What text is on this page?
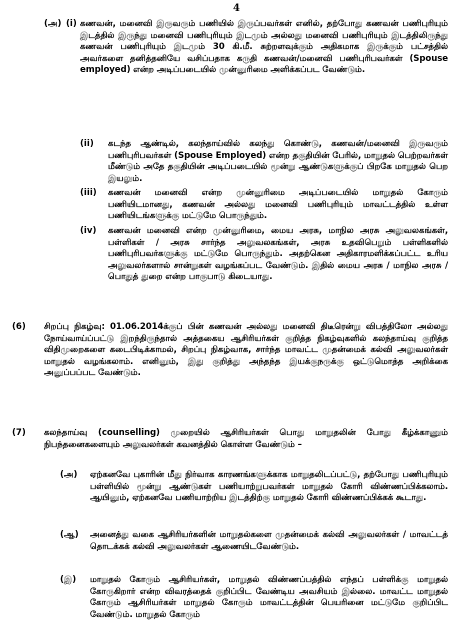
4
(அ) (i) கணவன், மனைவி இருவரும் பணியில் இருப்பவர்கள் எனில், தற்போது கணவன் பணிபுரியும் இடத்தில் இருந்து மனைவி பணிபுரியும் இடமும் அல்லது மனைவி பணிபுரியும் இடத்திலிருந்து கணவன் பணிபுரியும் இடமும் 30 கி.மீ. சுற்றளவுக்கும் அதிகமாக இருக்கும் பட்சத்தில் அவர்களை தனித்தனியே வசிப்பதாக கருதி கணவன்/மனைவி பணிபுரிபவர்கள் (Spouse employed) என்ற அடிப்படையில் முன்னுரிமை அளிக்கப்பட வேண்டும்.
(ii) கடந்த ஆண்டில், கலந்தாய்வில் கலந்து கொண்டு, கணவன்/மனைவி இருவரும் பணிபுரிபவர்கள் (Spouse Employed) என்ற தகுதியின் பேரில், மாறுதல் பெற்றவர்கள் மீண்டும் அதே தகுதியின் அடிப்படையில் மூன்று ஆண்டுகளுக்குப் பிறகே மாறுதல் பெற இயலும்.
(iii) கணவன் மனைவி என்ற முன்னுரிமை அடிப்படையில் மாறுதல் கோரும் பணியிடமானது, கணவன் அல்லது மனைவி பணிபுரியும் மாவட்டத்தில் உள்ள பணியிடங்களுக்கு மட்டுமே பொருந்தும்.
(iv) கணவன் மனைவி என்ற முன்னுரிமை, மைய அரசு, மாநில அரசு அலுவலகங்கள், பள்ளிகள் / அரசு சார்ந்த அலுவலகங்கள், அரசு உதவிபெறும் பள்ளிகளில் பணிபுரிபவர்களுக்கு மட்டுமே பொருந்தும். அதற்கென அதிகாரமளிக்கப்பட்ட உரிய அலுவலர்களால் சான்றுகள் வழங்கப்பட வேண்டும். இதில் மைய அரசு / மாநில அரசு / பொதுத் துறை என்ற பாகுபாடு கிடையாது.
(6) சிறப்பு நிகழ்வு: 01.06.2014க்குப் பின் கணவன் அல்லது மனைவி திடீரென்று விபத்திலோ அல்லது நோய்வாய்ப்பட்டு இறந்திருந்தால் அத்தகைய ஆசிரியர்கள் குறித்த நிகழ்வுகளில் கலந்தாய்வு குறித்த விதிமுறைகளை கடைபிடிக்காமல், சிறப்பு நிகழ்வாக, சார்ந்த மாவட்ட முதன்மைக் கல்வி அலுவலர்கள் மாறுதல் வழங்கலாம். எனினும், இது குறித்து அந்தந்த இயக்குநருக்கு ஒட்டுமொத்த அறிக்கை அனுப்பப்பட வேண்டும்.
(7) கலந்தாய்வு (counselling) முறையில் ஆசிரியர்கள் பொது மாறுதலின் போது கீழ்க்காணும் நிபந்தனைகளையும் அலுவலர்கள் கவனத்தில் கொள்ள வேண்டும் –
(அ) ஏற்கனவே புகாரின் மீது நிர்வாக காரணங்களுக்காக மாறுதலிடப்பட்டு, தற்போது பணிபுரியும் பள்ளியில் மூன்று ஆண்டுகள் பணியாற்றுபவர்கள் மாறுதல் கோரி விண்ணப்பிக்கலாம். ஆயினும், ஏற்கனவே பணியாற்றிய இடத்திற்கு மாறுதல் கோரி விண்ணப்பிக்கக் கூடாது.
(ஆ) அனைத்து வகை ஆசிரியர்களின் மாறுதல்களை முதன்மைக் கல்வி அலுவலர்கள் / மாவட்டத் தொடக்கக் கல்வி அலுவலர்கள் ஆணையிடவேண்டும்.
(இ) மாறுதல் கோரும் ஆசிரியர்கள், மாறுதல் விண்ணப்பத்தில் எந்தப் பள்ளிக்கு மாறுதல் கோருகிறார் என்ற விவரத்தைக் குறிப்பிட வேண்டிய அவசியம் இல்லை. மாவட்ட மாறுதல் கோரும் ஆசிரியர்கள் மாறுதல் கோரும் மாவட்டத்தின் பெயரினை மட்டுமே குறிப்பிட வேண்டும். மாறுதல் கோரும்
